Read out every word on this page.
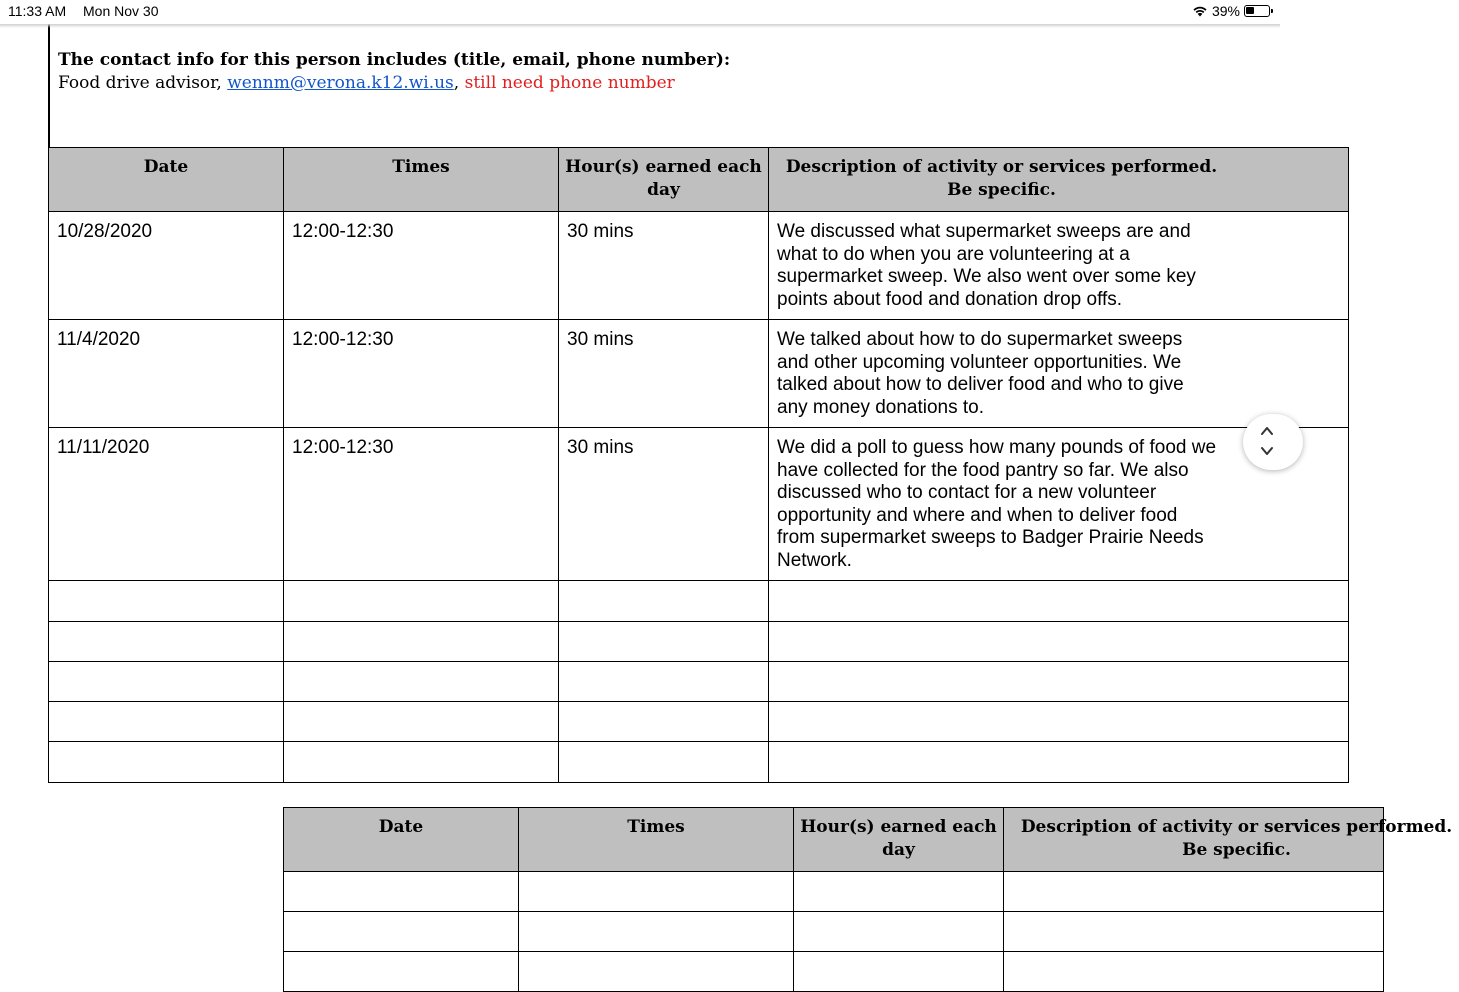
11:33 AM Mon Nov 30	39%
The contact info for this person includes (title, email, phone number):
Food drive advisor, wennm@verona.k12.wi.us, still need phone number
Date	Times	Hour(s) earned each day	Description of activity or services performed. Be specific.

10/28/2020	12:00-12:30	30 mins	We discussed what supermarket sweeps are and what to do when you are volunteering at a supermarket sweep. We also went over some key points about food and donation drop offs.

11/4/2020	12:00-12:30	30 mins	We talked about how to do supermarket sweeps and other upcoming volunteer opportunities. We talked about how to deliver food and who to give any money donations to.

11/11/2020	12:00-12:30	30 mins	We did a poll to guess how many pounds of food we have collected for the food pantry so far. We also discussed who to contact for a new volunteer opportunity and where and when to deliver food from supermarket sweeps to Badger Prairie Needs Network.

Date	Times	Hour(s) earned each day	Description of activity or services performed. Be specific.
